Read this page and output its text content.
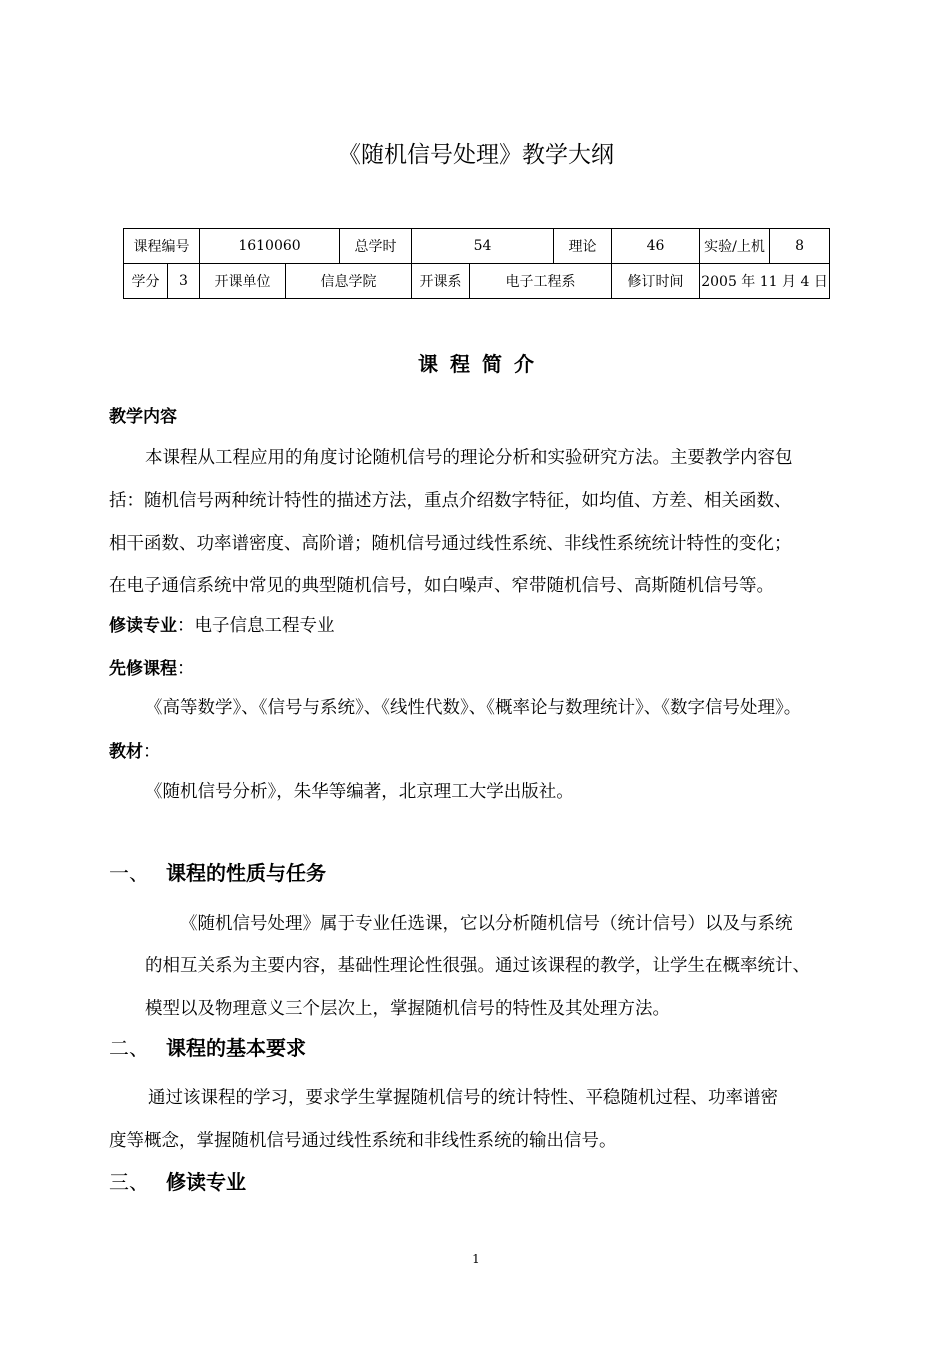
《随机信号处理》教学大纲
课程编号		1610060		总学时	54		理论	46	实验/上机	8
学分	3	开课单位	信息学院		开课系	电子工程系		修订时间	2005 年 11 月 4 日	
课程简介
教学内容
本课程从工程应用的角度讨论随机信号的理论分析和实验研究方法。主要教学内容包
括：随机信号两种统计特性的描述方法，重点介绍数字特征，如均值、方差、相关函数、
相干函数、功率谱密度、高阶谱；随机信号通过线性系统、非线性系统统计特性的变化；
在电子通信系统中常见的典型随机信号，如白噪声、窄带随机信号、高斯随机信号等。
修读专业：电子信息工程专业
先修课程：
《高等数学》、《信号与系统》、《线性代数》、《概率论与数理统计》、《数字信号处理》。
教材：
《随机信号分析》，朱华等编著，北京理工大学出版社。
一、 课程的性质与任务
《随机信号处理》属于专业任选课，它以分析随机信号（统计信号）以及与系统
的相互关系为主要内容，基础性理论性很强。通过该课程的教学，让学生在概率统计、
模型以及物理意义三个层次上，掌握随机信号的特性及其处理方法。
二、 课程的基本要求
通过该课程的学习，要求学生掌握随机信号的统计特性、平稳随机过程、功率谱密
度等概念，掌握随机信号通过线性系统和非线性系统的输出信号。
三、 修读专业
1
